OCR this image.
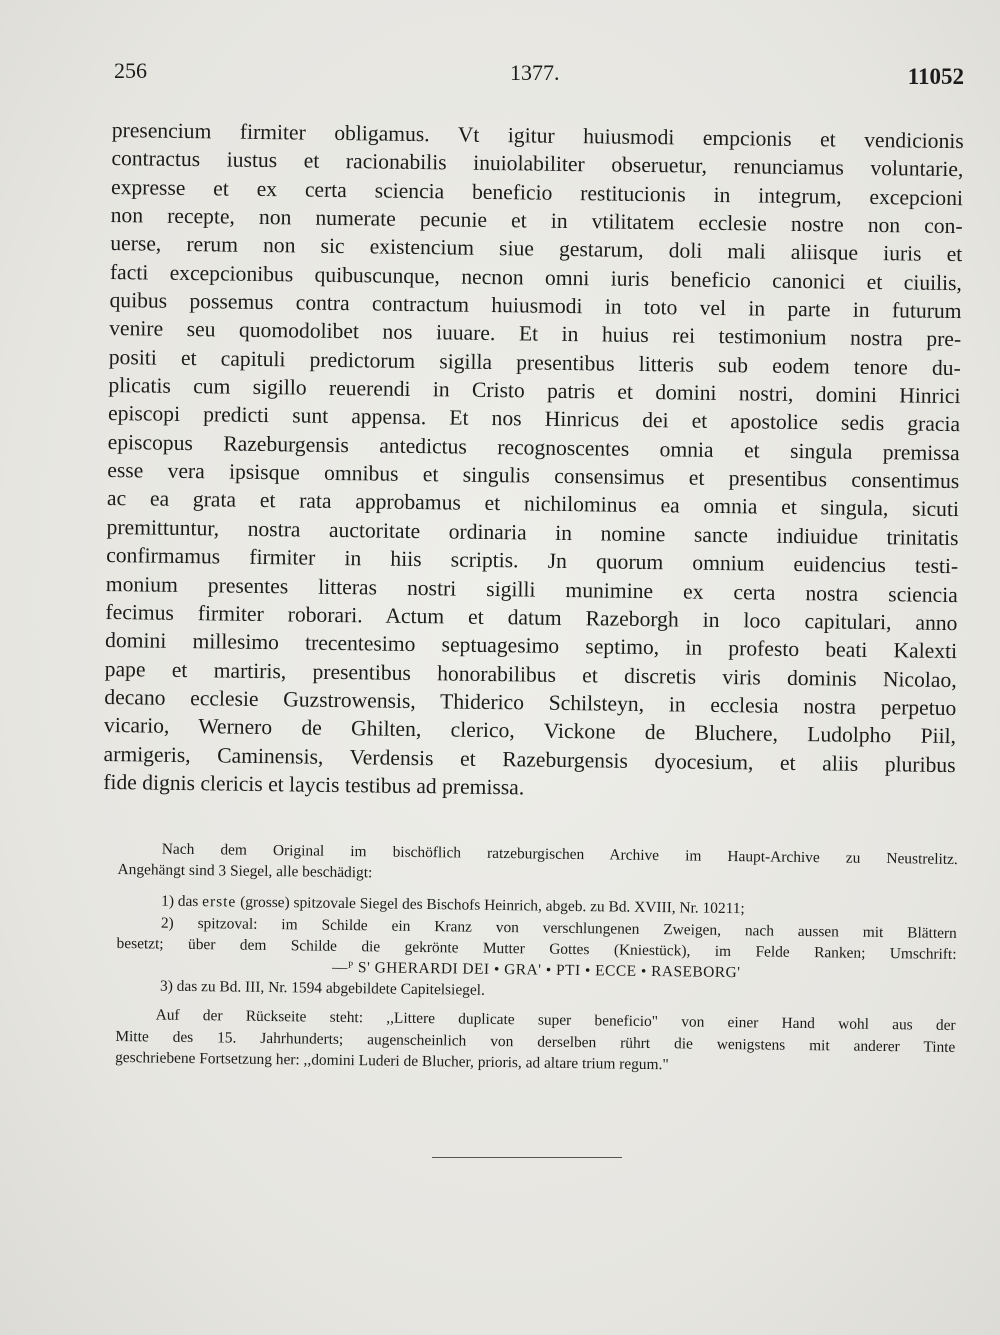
256	1377.	11052
presencium firmiter obligamus. Vt igitur huiusmodi empcionis et vendicionis
contractus iustus et racionabilis inuiolabiliter obseruetur, renunciamus voluntarie,
expresse et ex certa sciencia beneficio restitucionis in integrum, excepcioni
non recepte, non numerate pecunie et in vtilitatem ecclesie nostre non con-
uerse, rerum non sic existencium siue gestarum, doli mali aliisque iuris et
facti excepcionibus quibuscunque, necnon omni iuris beneficio canonici et ciuilis,
quibus possemus contra contractum huiusmodi in toto vel in parte in futurum
venire seu quomodolibet nos iuuare. Et in huius rei testimonium nostra pre-
positi et capituli predictorum sigilla presentibus litteris sub eodem tenore du-
plicatis cum sigillo reuerendi in Cristo patris et domini nostri, domini Hinrici
episcopi predicti sunt appensa. Et nos Hinricus dei et apostolice sedis gracia
episcopus Razeburgensis antedictus recognoscentes omnia et singula premissa
esse vera ipsisque omnibus et singulis consensimus et presentibus consentimus
ac ea grata et rata approbamus et nichilominus ea omnia et singula, sicuti
premittuntur, nostra auctoritate ordinaria in nomine sancte indiuidue trinitatis
confirmamus firmiter in hiis scriptis. Jn quorum omnium euidencius testi-
monium presentes litteras nostri sigilli munimine ex certa nostra sciencia
fecimus firmiter roborari. Actum et datum Razeborgh in loco capitulari, anno
domini millesimo trecentesimo septuagesimo septimo, in profesto beati Kalexti
pape et martiris, presentibus honorabilibus et discretis viris dominis Nicolao,
decano ecclesie Guzstrowensis, Thiderico Schilsteyn, in ecclesia nostra perpetuo
vicario, Wernero de Ghilten, clerico, Vickone de Bluchere, Ludolpho Piil,
armigeris, Caminensis, Verdensis et Razeburgensis dyocesium, et aliis pluribus
fide dignis clericis et laycis testibus ad premissa.
Nach dem Original im bischöflich ratzeburgischen Archive im Haupt-Archive zu Neustrelitz.
Angehängt sind 3 Siegel, alle beschädigt:
1) das erste (grosse) spitzovale Siegel des Bischofs Heinrich, abgeb. zu Bd. XVIII, Nr. 10211;
2) spitzoval: im Schilde ein Kranz von verschlungenen Zweigen, nach aussen mit Blättern
besetzt; über dem Schilde die gekrönte Mutter Gottes (Kniestück), im Felde Ranken; Umschrift:
—ᴾ S' GHERARDI DEI • GRA' • PTI • ECCE • RASEBORG'
3) das zu Bd. III, Nr. 1594 abgebildete Capitelsiegel.
Auf der Rückseite steht: ,,Littere duplicate super beneficio" von einer Hand wohl aus der
Mitte des 15. Jahrhunderts; augenscheinlich von derselben rührt die wenigstens mit anderer Tinte
geschriebene Fortsetzung her: ,,domini Luderi de Blucher, prioris, ad altare trium regum."
